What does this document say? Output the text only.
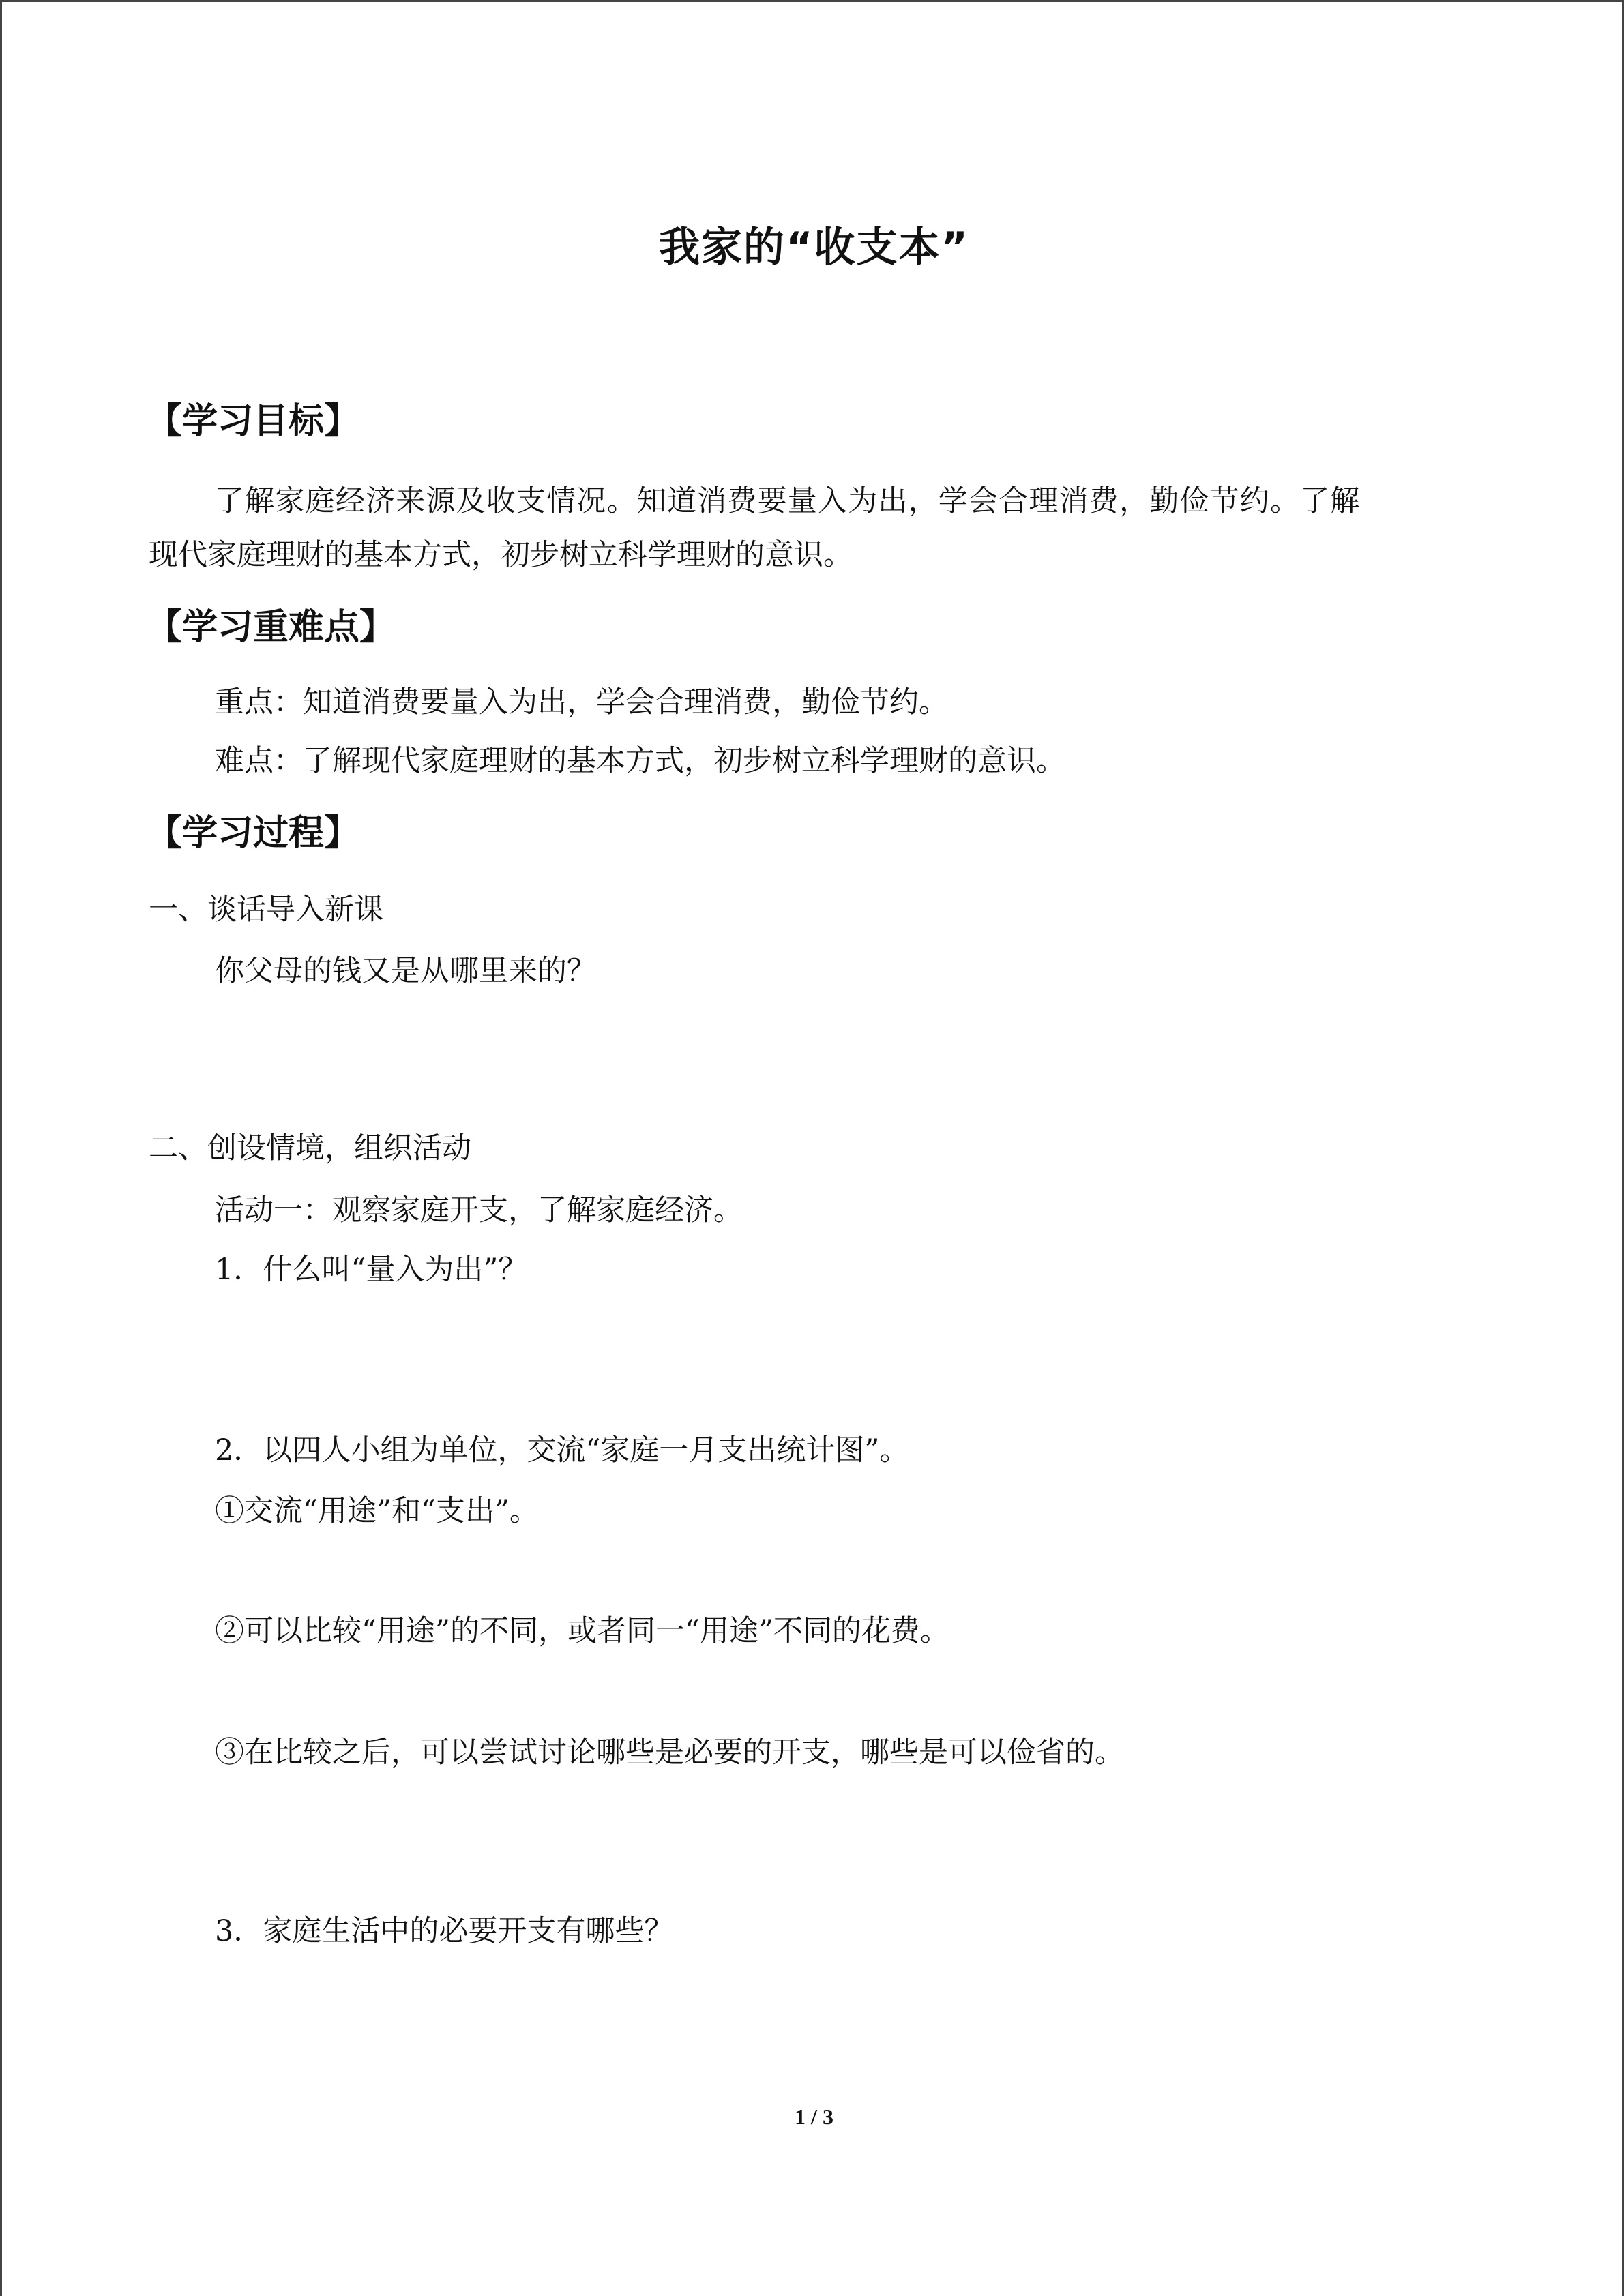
我家的“收支本”
【学习目标】
了解家庭经济来源及收支情况。知道消费要量入为出，学会合理消费，勤俭节约。了解
现代家庭理财的基本方式，初步树立科学理财的意识。
【学习重难点】
重点：知道消费要量入为出，学会合理消费，勤俭节约。
难点：了解现代家庭理财的基本方式，初步树立科学理财的意识。
【学习过程】
一、谈话导入新课
你父母的钱又是从哪里来的？
二、创设情境，组织活动
活动一：观察家庭开支，了解家庭经济。
1．什么叫“量入为出”？
2．以四人小组为单位，交流“家庭一月支出统计图”。
①交流“用途”和“支出”。
②可以比较“用途”的不同，或者同一“用途”不同的花费。
③在比较之后，可以尝试讨论哪些是必要的开支，哪些是可以俭省的。
3．家庭生活中的必要开支有哪些？
1 / 3
